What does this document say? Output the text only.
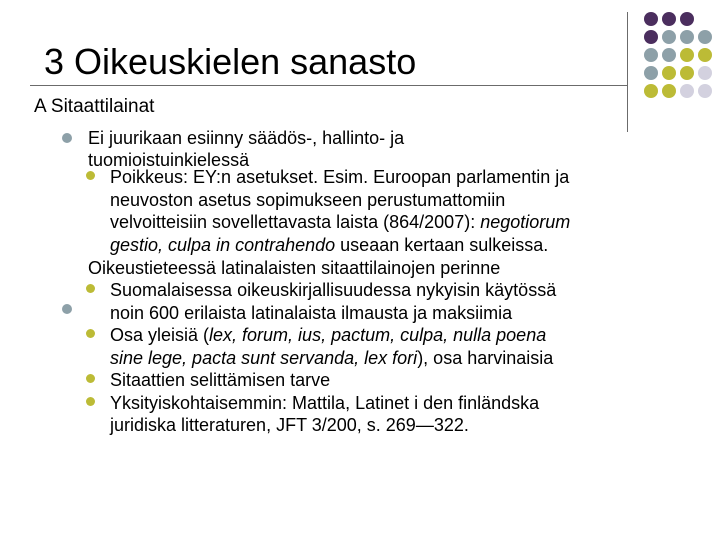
3 Oikeuskielen sanasto
A Sitaattilainat
Ei juurikaan esiinny säädös-, hallinto- ja
tuomioistuinkielessä
Poikkeus: EY:n asetukset. Esim. Euroopan parlamentin ja
neuvoston asetus sopimukseen perustumattomiin
velvoitteisiin sovellettavasta laista (864/2007): negotiorum
gestio, culpa in contrahendo useaan kertaan sulkeissa.
Oikeustieteessä latinalaisten sitaattilainojen perinne
Suomalaisessa oikeuskirjallisuudessa nykyisin käytössä
noin 600 erilaista latinalaista ilmausta ja maksiimia
Osa yleisiä (lex, forum, ius, pactum, culpa, nulla poena
sine lege, pacta sunt servanda, lex fori), osa harvinaisia
Sitaattien selittämisen tarve
Yksityiskohtaisemmin: Mattila, Latinet i den finländska
juridiska litteraturen, JFT 3/200, s. 269—322.
